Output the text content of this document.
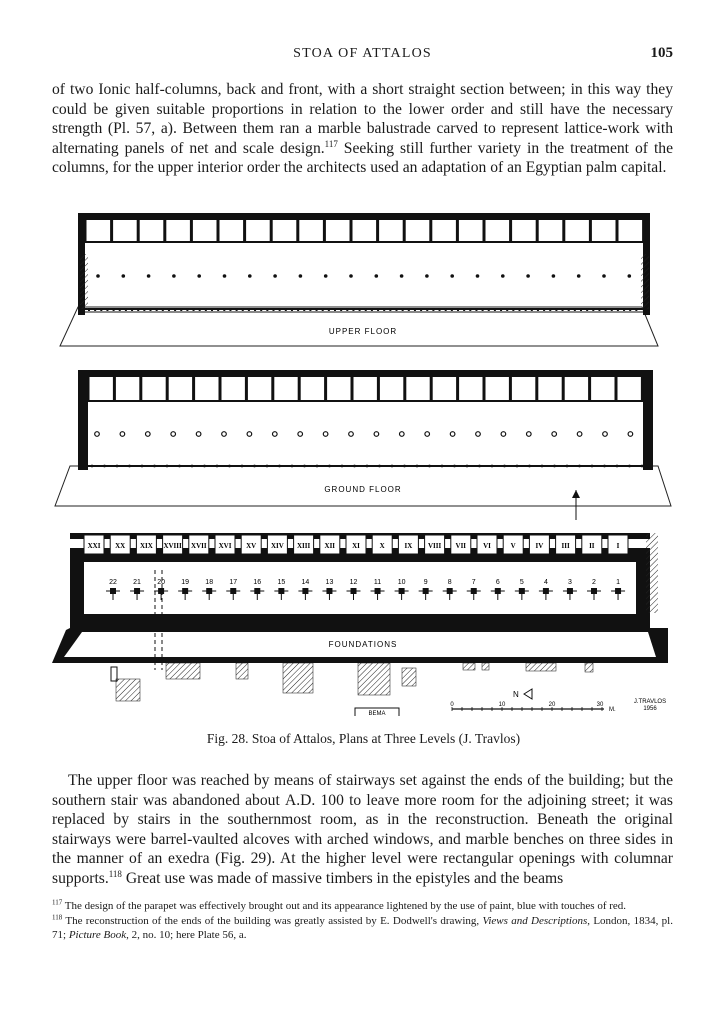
STOA OF ATTALOS	105

of two Ionic half-columns, back and front, with a short straight section between; in this way they could be given suitable proportions in relation to the lower order and still have the necessary strength (Pl. 57, a). Between them ran a marble balustrade carved to represent lattice-work with alternating panels of net and scale design.$^{117}$ Seeking still further variety in the treatment of the columns, for the upper interior order the architects used an adaptation of an Egyptian palm capital.

UPPER FLOOR
GROUND FLOOR
XXI XX XIX XVIII XVII XVI XV XIV XIII XII XI	X	IX VIII VII VI	V	IV	III	II	I
22 21 20 19 18 17 16 15 14 13 12 11 10	9	8	7	6	5	4	3	2	1
FOUNDATIONS
BEMA
N
0	10	20	30
M.
J.TRAVLOS
1956
Fig. 28. Stoa of Attalos, Plans at Three Levels (J. Travlos)

The upper floor was reached by means of stairways set against the ends of the building; but the southern stair was abandoned about A.D. 100 to leave more room for the adjoining street; it was replaced by stairs in the southernmost room, as in the reconstruction. Beneath the original stairways were barrel-vaulted alcoves with arched windows, and marble benches on three sides in the manner of an exedra (Fig. 29). At the higher level were rectangular openings with columnar supports.$^{118}$ Great use was made of massive timbers in the epistyles and the beams

$^{117}$ The design of the parapet was effectively brought out and its appearance lightened by the use of paint, blue with touches of red.

$^{118}$ The reconstruction of the ends of the building was greatly assisted by E. Dodwell's drawing, Views and Descriptions, London, 1834, pl. 71; Picture Book, 2, no. 10; here Plate 56, a.
